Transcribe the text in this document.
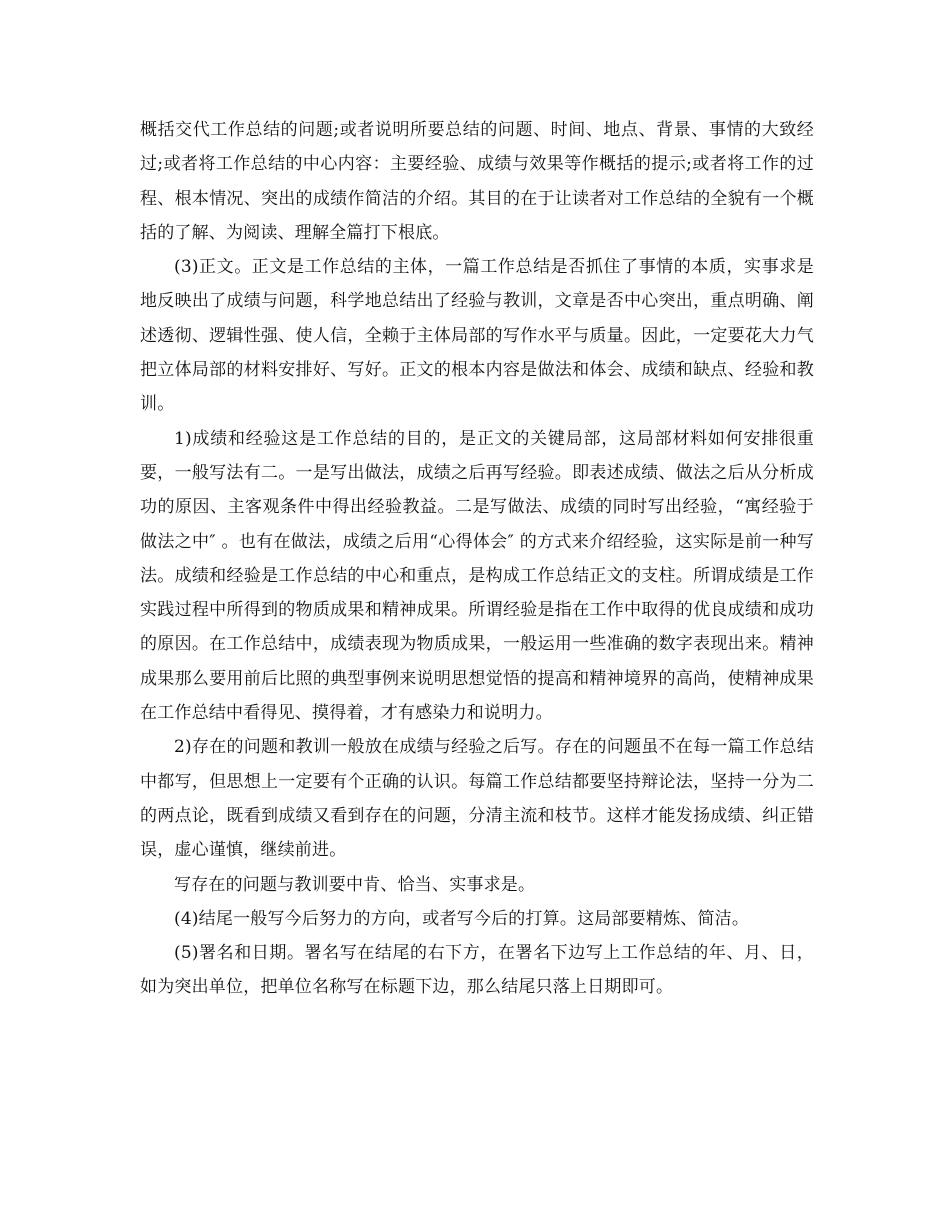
概括交代工作总结的问题;或者说明所要总结的问题、时间、地点、背景、事情的大致经过;或者将工作总结的中心内容：主要经验、成绩与效果等作概括的提示;或者将工作的过程、根本情况、突出的成绩作简洁的介绍。其目的在于让读者对工作总结的全貌有一个概括的了解、为阅读、理解全篇打下根底。

(3)正文。正文是工作总结的主体，一篇工作总结是否抓住了事情的本质，实事求是地反映出了成绩与问题，科学地总结出了经验与教训，文章是否中心突出，重点明确、阐述透彻、逻辑性强、使人信，全赖于主体局部的写作水平与质量。因此，一定要花大力气把立体局部的材料安排好、写好。正文的根本内容是做法和体会、成绩和缺点、经验和教训。

1)成绩和经验这是工作总结的目的，是正文的关键局部，这局部材料如何安排很重要，一般写法有二。一是写出做法，成绩之后再写经验。即表述成绩、做法之后从分析成功的原因、主客观条件中得出经验教益。二是写做法、成绩的同时写出经验，“寓经验于做法之中″ 。也有在做法，成绩之后用“心得体会″ 的方式来介绍经验，这实际是前一种写法。成绩和经验是工作总结的中心和重点，是构成工作总结正文的支柱。所谓成绩是工作实践过程中所得到的物质成果和精神成果。所谓经验是指在工作中取得的优良成绩和成功的原因。在工作总结中，成绩表现为物质成果，一般运用一些准确的数字表现出来。精神成果那么要用前后比照的典型事例来说明思想觉悟的提高和精神境界的高尚，使精神成果在工作总结中看得见、摸得着，才有感染力和说明力。

2)存在的问题和教训一般放在成绩与经验之后写。存在的问题虽不在每一篇工作总结中都写，但思想上一定要有个正确的认识。每篇工作总结都要坚持辩论法，坚持一分为二的两点论，既看到成绩又看到存在的问题，分清主流和枝节。这样才能发扬成绩、纠正错误，虚心谨慎，继续前进。

写存在的问题与教训要中肯、恰当、实事求是。

(4)结尾一般写今后努力的方向，或者写今后的打算。这局部要精炼、简洁。

(5)署名和日期。署名写在结尾的右下方，在署名下边写上工作总结的年、月、日，如为突出单位，把单位名称写在标题下边，那么结尾只落上日期即可。
